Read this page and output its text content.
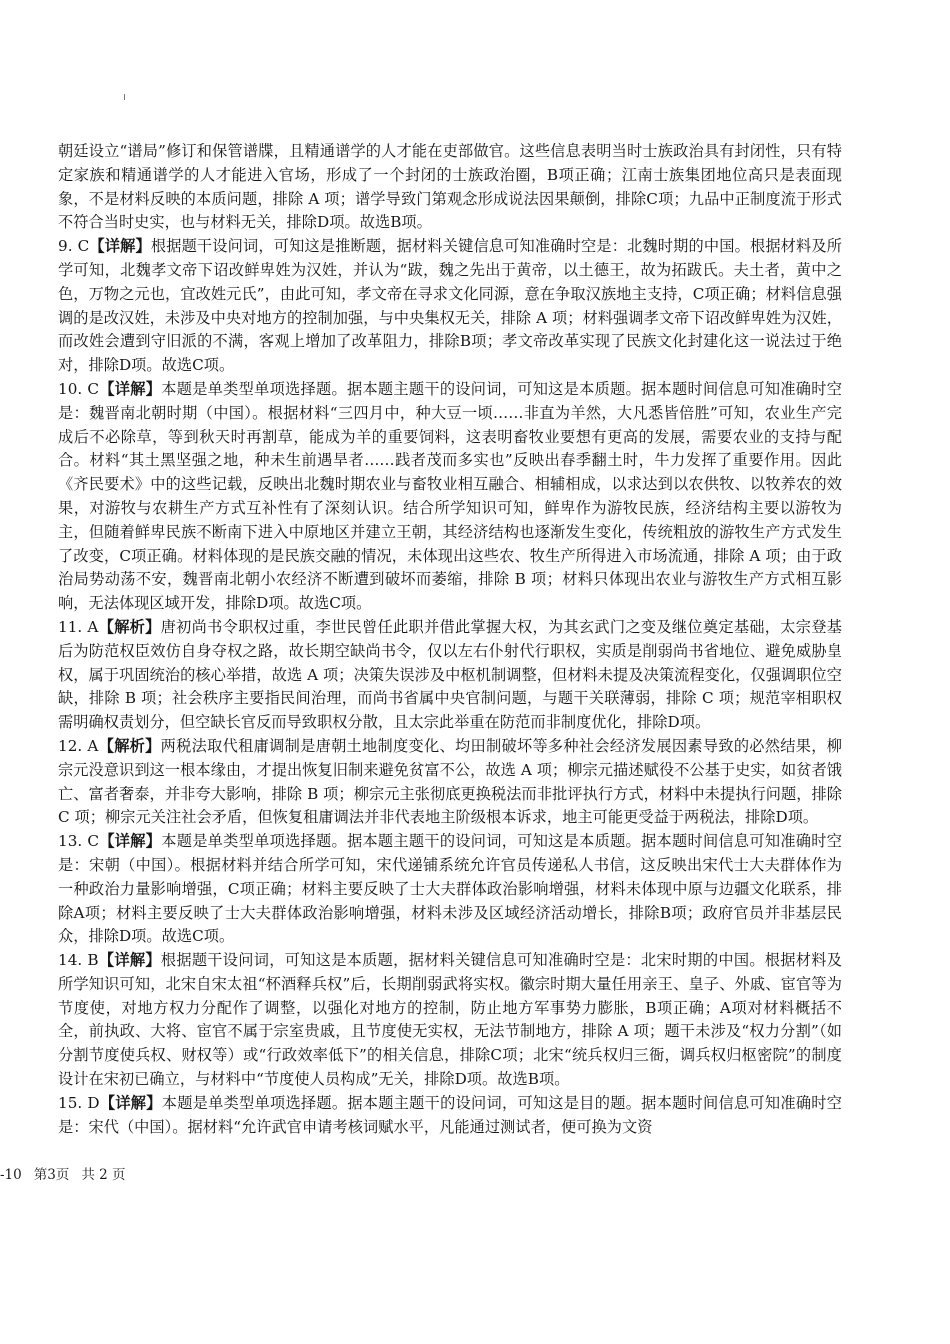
朝廷设立“谱局”修订和保管谱牒，且精通谱学的人才能在吏部做官。这些信息表明当时士族政治具有封闭性，只有特定家族和精通谱学的人才能进入官场，形成了一个封闭的士族政治圈，B项正确；江南士族集团地位高只是表面现象，不是材料反映的本质问题，排除 A 项；谱学导致门第观念形成说法因果颠倒，排除C项；九品中正制度流于形式不符合当时史实，也与材料无关，排除D项。故选B项。

9. C【详解】根据题干设问词，可知这是推断题，据材料关键信息可知准确时空是：北魏时期的中国。根据材料及所学可知，北魏孝文帝下诏改鲜卑姓为汉姓，并认为“跋，魏之先出于黄帝，以土德王，故为拓跋氏。夫土者，黄中之色，万物之元也，宜改姓元氏”，由此可知，孝文帝在寻求文化同源，意在争取汉族地主支持，C项正确；材料信息强调的是改汉姓，未涉及中央对地方的控制加强，与中央集权无关，排除 A 项；材料强调孝文帝下诏改鲜卑姓为汉姓，而改姓会遭到守旧派的不满，客观上增加了改革阻力，排除B项；孝文帝改革实现了民族文化封建化这一说法过于绝对，排除D项。故选C项。

10. C【详解】本题是单类型单项选择题。据本题主题干的设问词，可知这是本质题。据本题时间信息可知准确时空是：魏晋南北朝时期（中国）。根据材料“三四月中，种大豆一顷……非直为羊然，大凡悉皆倍胜”可知，农业生产完成后不必除草，等到秋天时再割草，能成为羊的重要饲料，这表明畜牧业要想有更高的发展，需要农业的支持与配合。材料“其土黑坚强之地，种未生前遇旱者……践者茂而多实也”反映出春季翻土时，牛力发挥了重要作用。因此《齐民要术》中的这些记载，反映出北魏时期农业与畜牧业相互融合、相辅相成，以求达到以农供牧、以牧养农的效果，对游牧与农耕生产方式互补性有了深刻认识。结合所学知识可知，鲜卑作为游牧民族，经济结构主要以游牧为主，但随着鲜卑民族不断南下进入中原地区并建立王朝，其经济结构也逐渐发生变化，传统粗放的游牧生产方式发生了改变，C项正确。材料体现的是民族交融的情况，未体现出这些农、牧生产所得进入市场流通，排除 A 项；由于政治局势动荡不安，魏晋南北朝小农经济不断遭到破坏而萎缩，排除 B 项；材料只体现出农业与游牧生产方式相互影响，无法体现区域开发，排除D项。故选C项。

11. A【解析】唐初尚书令职权过重，李世民曾任此职并借此掌握大权，为其玄武门之变及继位奠定基础，太宗登基后为防范权臣效仿自身夺权之路，故长期空缺尚书令，仅以左右仆射代行职权，实质是削弱尚书省地位、避免威胁皇权，属于巩固统治的核心举措，故选 A 项；决策失误涉及中枢机制调整，但材料未提及决策流程变化，仅强调职位空缺，排除 B 项；社会秩序主要指民间治理，而尚书省属中央官制问题，与题干关联薄弱，排除 C 项；规范宰相职权需明确权责划分，但空缺长官反而导致职权分散，且太宗此举重在防范而非制度优化，排除D项。

12. A【解析】两税法取代租庸调制是唐朝土地制度变化、均田制破坏等多种社会经济发展因素导致的必然结果，柳宗元没意识到这一根本缘由，才提出恢复旧制来避免贫富不公，故选 A 项；柳宗元描述赋役不公基于史实，如贫者饿亡、富者奢泰，并非夸大影响，排除 B 项；柳宗元主张彻底更换税法而非批评执行方式，材料中未提执行问题，排除 C 项；柳宗元关注社会矛盾，但恢复租庸调法并非代表地主阶级根本诉求，地主可能更受益于两税法，排除D项。

13. C【详解】本题是单类型单项选择题。据本题主题干的设问词，可知这是本质题。据本题时间信息可知准确时空是：宋朝（中国）。根据材料并结合所学可知，宋代递铺系统允许官员传递私人书信，这反映出宋代士大夫群体作为一种政治力量影响增强，C项正确；材料主要反映了士大夫群体政治影响增强，材料未体现中原与边疆文化联系，排除A项；材料主要反映了士大夫群体政治影响增强，材料未涉及区域经济活动增长，排除B项；政府官员并非基层民众，排除D项。故选C项。

14. B【详解】根据题干设问词，可知这是本质题，据材料关键信息可知准确时空是：北宋时期的中国。根据材料及所学知识可知，北宋自宋太祖“杯酒释兵权”后，长期削弱武将实权。徽宗时期大量任用亲王、皇子、外戚、宦官等为节度使，对地方权力分配作了调整，以强化对地方的控制，防止地方军事势力膨胀，B项正确；A项对材料概括不全，前执政、大将、宦官不属于宗室贵戚，且节度使无实权，无法节制地方，排除 A 项；题干未涉及“权力分割”（如分割节度使兵权、财权等）或“行政效率低下”的相关信息，排除C项；北宋“统兵权归三衙，调兵权归枢密院”的制度设计在宋初已确立，与材料中“节度使人员构成”无关，排除D项。故选B项。

15. D【详解】本题是单类型单项选择题。据本题主题干的设问词，可知这是目的题。据本题时间信息可知准确时空是：宋代（中国）。据材料“允许武官申请考核词赋水平，凡能通过测试者，便可换为文资

-10 第3页 共 2 页
